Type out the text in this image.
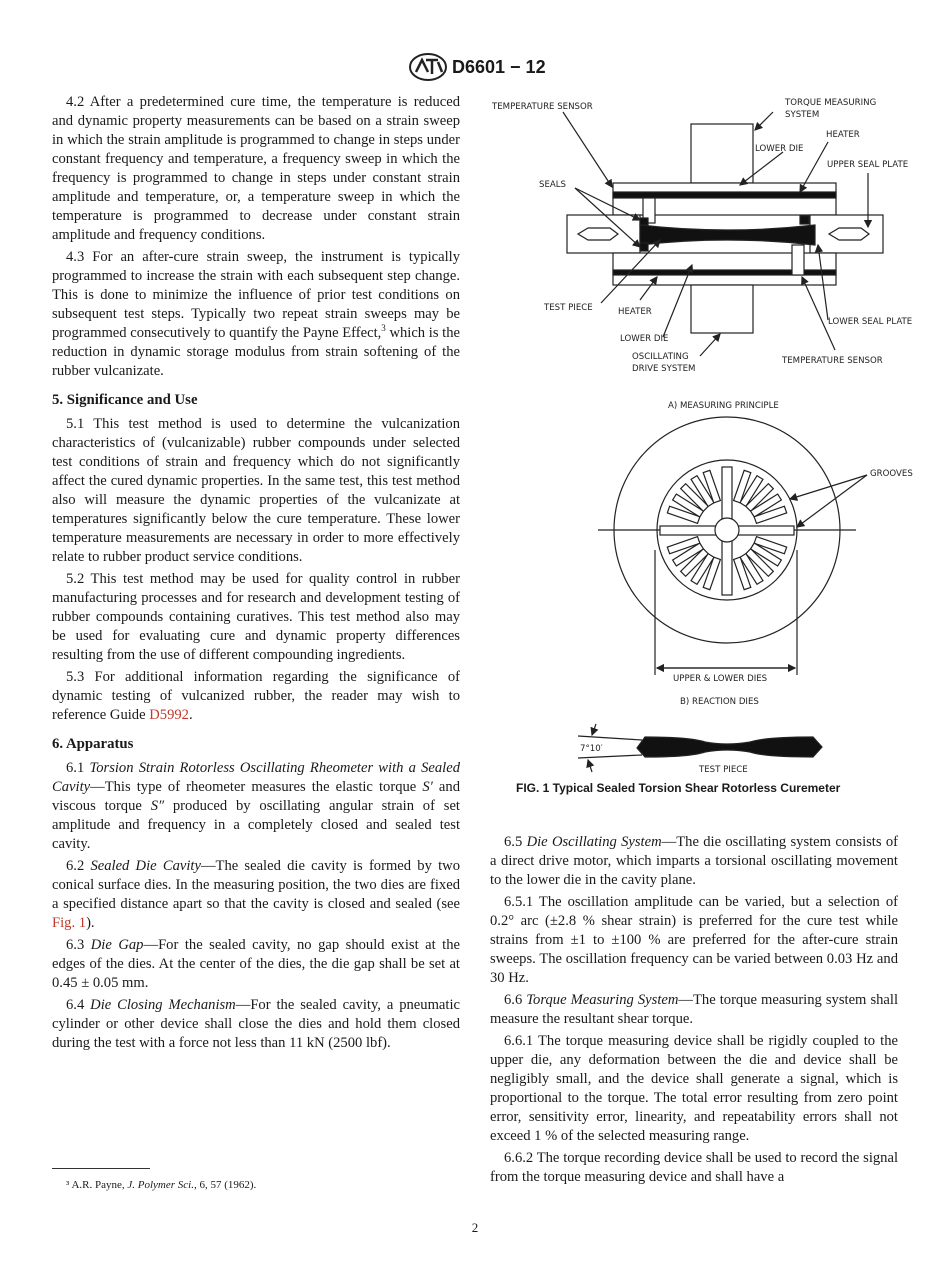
D6601 − 12

4.2 After a predetermined cure time, the temperature is reduced and dynamic property measurements can be based on a strain sweep in which the strain amplitude is programmed to change in steps under constant frequency and temperature, a frequency sweep in which the frequency is programmed to change in steps under constant strain amplitude and temperature, or, a temperature sweep in which the temperature is programmed to decrease under constant strain amplitude and frequency conditions.

4.3 For an after-cure strain sweep, the instrument is typically programmed to increase the strain with each subsequent step change. This is done to minimize the influence of prior test conditions on subsequent test steps. Typically two repeat strain sweeps may be programmed consecutively to quantify the Payne Effect,$^3$ which is the reduction in dynamic storage modulus from strain softening of the rubber vulcanizate.

5. Significance and Use

5.1 This test method is used to determine the vulcanization characteristics of (vulcanizable) rubber compounds under selected test conditions of strain and frequency which do not significantly affect the cured dynamic properties. In the same test, this test method also will measure the dynamic properties of the vulcanizate at temperatures significantly below the cure temperature. These lower temperature measurements are necessary in order to more effectively relate to rubber product service conditions.

5.2 This test method may be used for quality control in rubber manufacturing processes and for research and development testing of rubber compounds containing curatives. This test method also may be used for evaluating cure and dynamic property differences resulting from the use of different compounding ingredients.

5.3 For additional information regarding the significance of dynamic testing of vulcanized rubber, the reader may wish to reference Guide D5992.

6. Apparatus

6.1 Torsion Strain Rotorless Oscillating Rheometer with a Sealed Cavity—This type of rheometer measures the elastic torque S′ and viscous torque S″ produced by oscillating angular strain of set amplitude and frequency in a completely closed and sealed test cavity.

6.2 Sealed Die Cavity—The sealed die cavity is formed by two conical surface dies. In the measuring position, the two dies are fixed a specified distance apart so that the cavity is closed and sealed (see Fig. 1).

6.3 Die Gap—For the sealed cavity, no gap should exist at the edges of the dies. At the center of the dies, the die gap shall be set at 0.45 ± 0.05 mm.

6.4 Die Closing Mechanism—For the sealed cavity, a pneumatic cylinder or other device shall close the dies and hold them closed during the test with a force not less than 11 kN (2500 lbf).

³ A.R. Payne, J. Polymer Sci., 6, 57 (1962).

6.5 Die Oscillating System—The die oscillating system consists of a direct drive motor, which imparts a torsional oscillating movement to the lower die in the cavity plane.

6.5.1 The oscillation amplitude can be varied, but a selection of 0.2° arc (±2.8 % shear strain) is preferred for the cure test while strains from ±1 to ±100 % are preferred for the after-cure strain sweeps. The oscillation frequency can be varied between 0.03 Hz and 30 Hz.

6.6 Torque Measuring System—The torque measuring system shall measure the resultant shear torque.

6.6.1 The torque measuring device shall be rigidly coupled to the upper die, any deformation between the die and device shall be negligibly small, and the device shall generate a signal, which is proportional to the torque. The total error resulting from zero point error, sensitivity error, linearity, and repeatability errors shall not exceed 1 % of the selected measuring range.

6.6.2 The torque recording device shall be used to record the signal from the torque measuring device and shall have a

TEMPERATURE SENSOR	TORQUE MEASURING
SYSTEM
HEATER
LOWER DIE
UPPER SEAL PLATE
SEALS
TEST PIECE	HEATER
LOWER DIE
OSCILLATING
DRIVE SYSTEM
LOWER SEAL PLATE
TEMPERATURE SENSOR
A) MEASURING PRINCIPLE
GROOVES
UPPER & LOWER DIES
B) REACTION DIES
7°10′
TEST PIECE
FIG. 1 Typical Sealed Torsion Shear Rotorless Curemeter
2
